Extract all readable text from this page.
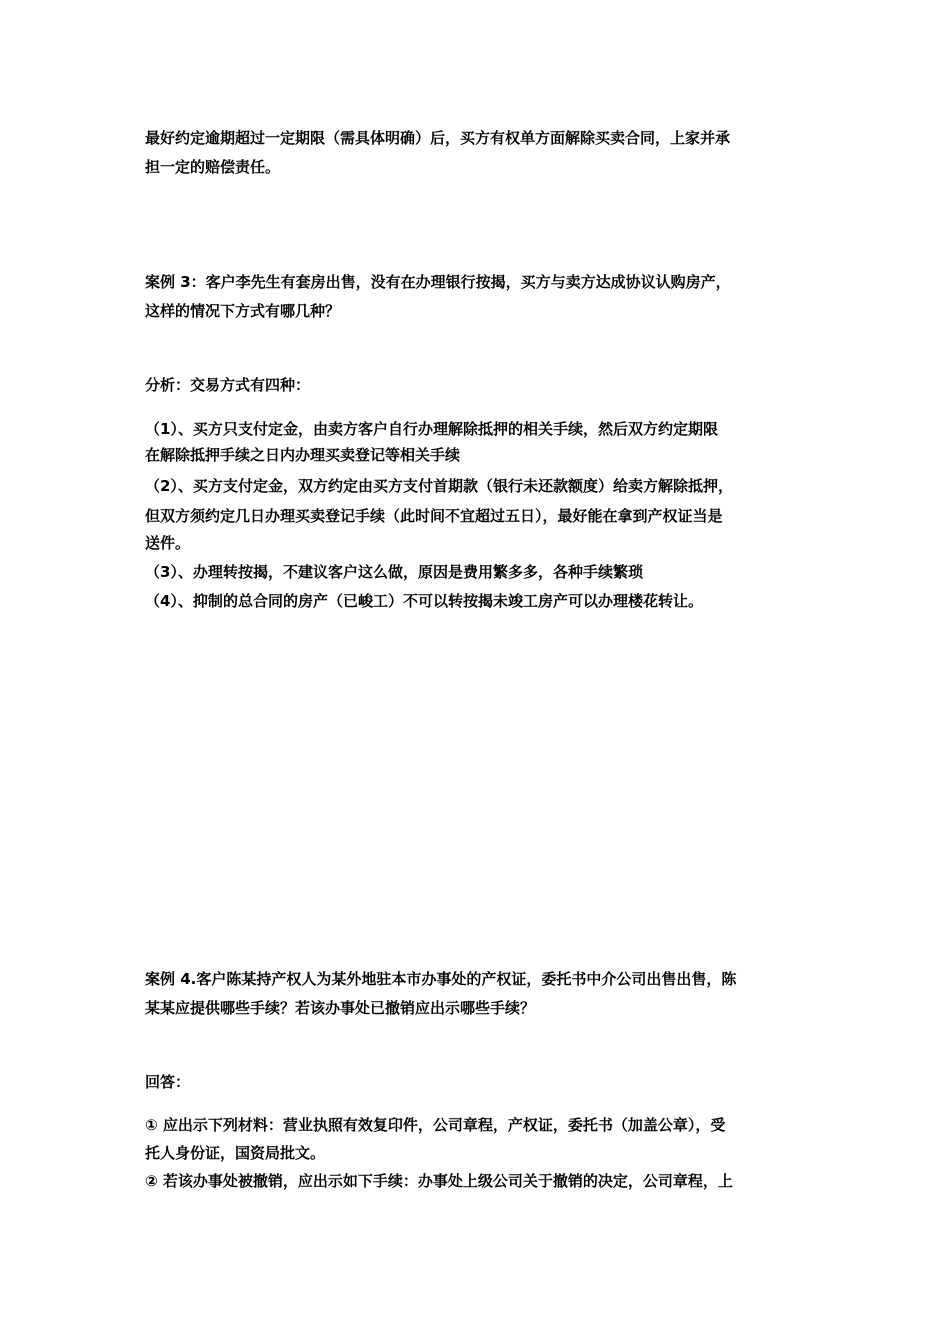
最好约定逾期超过一定期限（需具体明确）后，买方有权单方面解除买卖合同，上家并承
担一定的赔偿责任。
案例 3：客户李先生有套房出售，没有在办理银行按揭，买方与卖方达成协议认购房产，
这样的情况下方式有哪几种？
分析：交易方式有四种：
（1）、买方只支付定金，由卖方客户自行办理解除抵押的相关手续，然后双方约定期限
在解除抵押手续之日内办理买卖登记等相关手续
（2）、买方支付定金，双方约定由买方支付首期款（银行未还款额度）给卖方解除抵押，
但双方须约定几日办理买卖登记手续（此时间不宜超过五日），最好能在拿到产权证当是
送件。
（3）、办理转按揭，不建议客户这么做，原因是费用繁多多，各种手续繁琐
（4）、抑制的总合同的房产（已峻工）不可以转按揭未竣工房产可以办理楼花转让。
案例 4.客户陈某持产权人为某外地驻本市办事处的产权证，委托书中介公司出售出售，陈
某某应提供哪些手续？若该办事处已撤销应出示哪些手续？
回答：
① 应出示下列材料：营业执照有效复印件，公司章程，产权证，委托书（加盖公章），受
托人身份证，国资局批文。
② 若该办事处被撤销，应出示如下手续：办事处上级公司关于撤销的决定，公司章程，上
